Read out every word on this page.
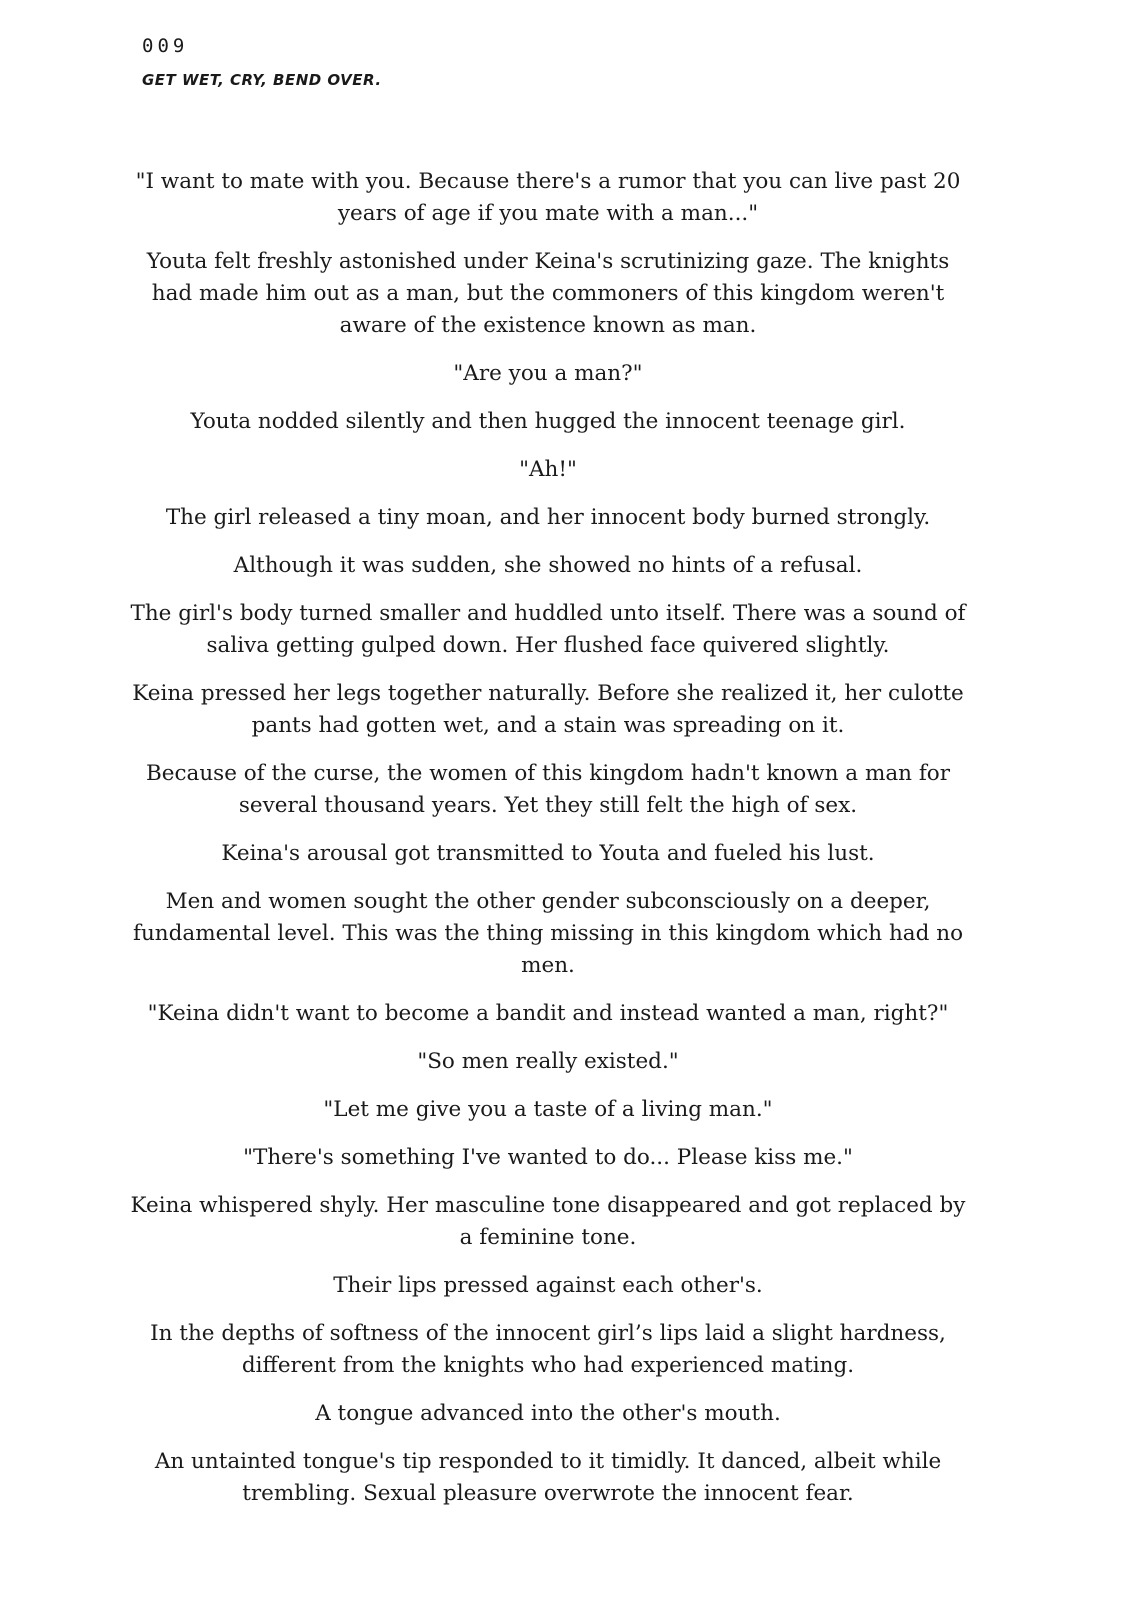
009
GET WET, CRY, BEND OVER.

"I want to mate with you. Because there's a rumor that you can live past 20 years of age if you mate with a man..."

Youta felt freshly astonished under Keina's scrutinizing gaze. The knights had made him out as a man, but the commoners of this kingdom weren't aware of the existence known as man.

"Are you a man?"

Youta nodded silently and then hugged the innocent teenage girl.

"Ah!"

The girl released a tiny moan, and her innocent body burned strongly.

Although it was sudden, she showed no hints of a refusal.

The girl's body turned smaller and huddled unto itself. There was a sound of saliva getting gulped down. Her flushed face quivered slightly.

Keina pressed her legs together naturally. Before she realized it, her culotte pants had gotten wet, and a stain was spreading on it.

Because of the curse, the women of this kingdom hadn't known a man for several thousand years. Yet they still felt the high of sex.

Keina's arousal got transmitted to Youta and fueled his lust.

Men and women sought the other gender subconsciously on a deeper, fundamental level. This was the thing missing in this kingdom which had no men.

"Keina didn't want to become a bandit and instead wanted a man, right?"

"So men really existed."

"Let me give you a taste of a living man."

"There's something I've wanted to do... Please kiss me."

Keina whispered shyly. Her masculine tone disappeared and got replaced by a feminine tone.

Their lips pressed against each other's.

In the depths of softness of the innocent girl’s lips laid a slight hardness, different from the knights who had experienced mating.

A tongue advanced into the other's mouth.

An untainted tongue's tip responded to it timidly. It danced, albeit while trembling. Sexual pleasure overwrote the innocent fear.
